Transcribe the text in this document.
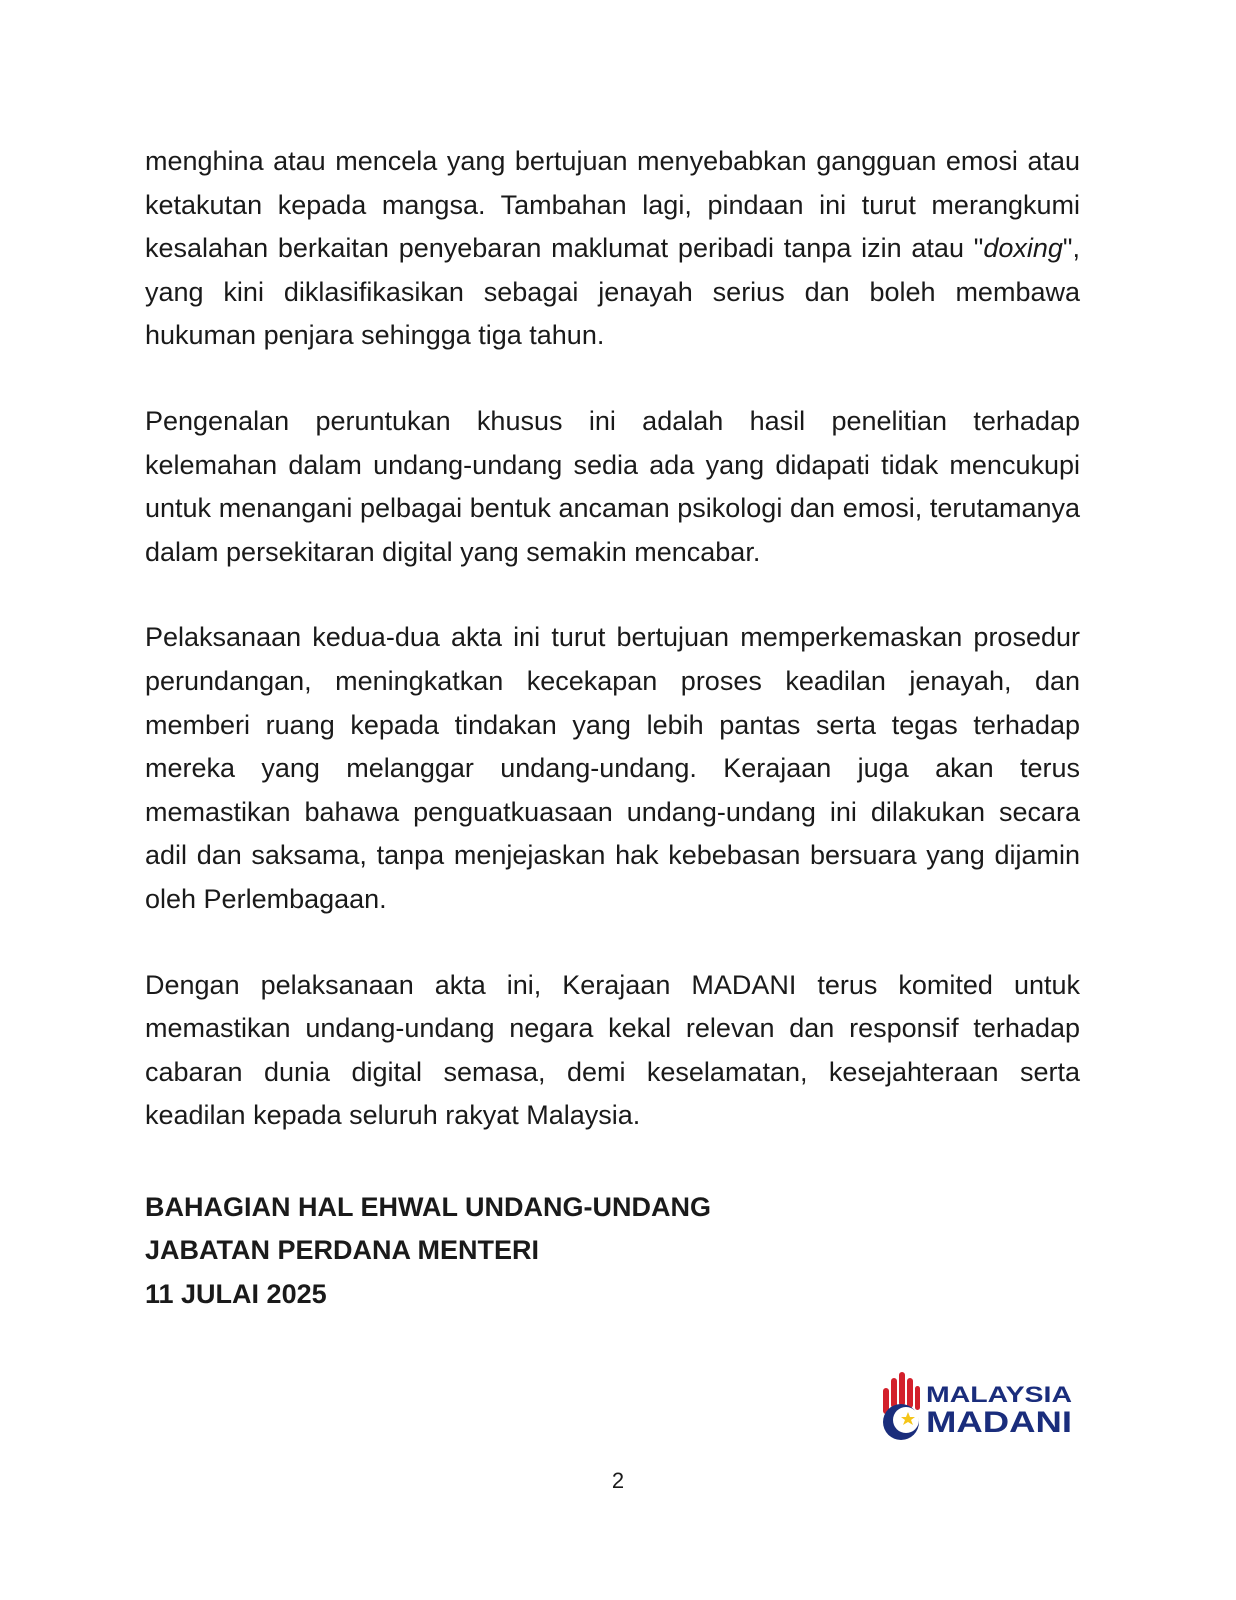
menghina atau mencela yang bertujuan menyebabkan gangguan emosi atau ketakutan kepada mangsa. Tambahan lagi, pindaan ini turut merangkumi kesalahan berkaitan penyebaran maklumat peribadi tanpa izin atau "doxing", yang kini diklasifikasikan sebagai jenayah serius dan boleh membawa hukuman penjara sehingga tiga tahun.

Pengenalan peruntukan khusus ini adalah hasil penelitian terhadap kelemahan dalam undang-undang sedia ada yang didapati tidak mencukupi untuk menangani pelbagai bentuk ancaman psikologi dan emosi, terutamanya dalam persekitaran digital yang semakin mencabar.

Pelaksanaan kedua-dua akta ini turut bertujuan memperkemaskan prosedur perundangan, meningkatkan kecekapan proses keadilan jenayah, dan memberi ruang kepada tindakan yang lebih pantas serta tegas terhadap mereka yang melanggar undang-undang. Kerajaan juga akan terus memastikan bahawa penguatkuasaan undang-undang ini dilakukan secara adil dan saksama, tanpa menjejaskan hak kebebasan bersuara yang dijamin oleh Perlembagaan.

Dengan pelaksanaan akta ini, Kerajaan MADANI terus komited untuk memastikan undang-undang negara kekal relevan dan responsif terhadap cabaran dunia digital semasa, demi keselamatan, kesejahteraan serta keadilan kepada seluruh rakyat Malaysia.

BAHAGIAN HAL EHWAL UNDANG-UNDANG

JABATAN PERDANA MENTERI

11 JULAI 2025

MALAYSIA
MADANI
2
